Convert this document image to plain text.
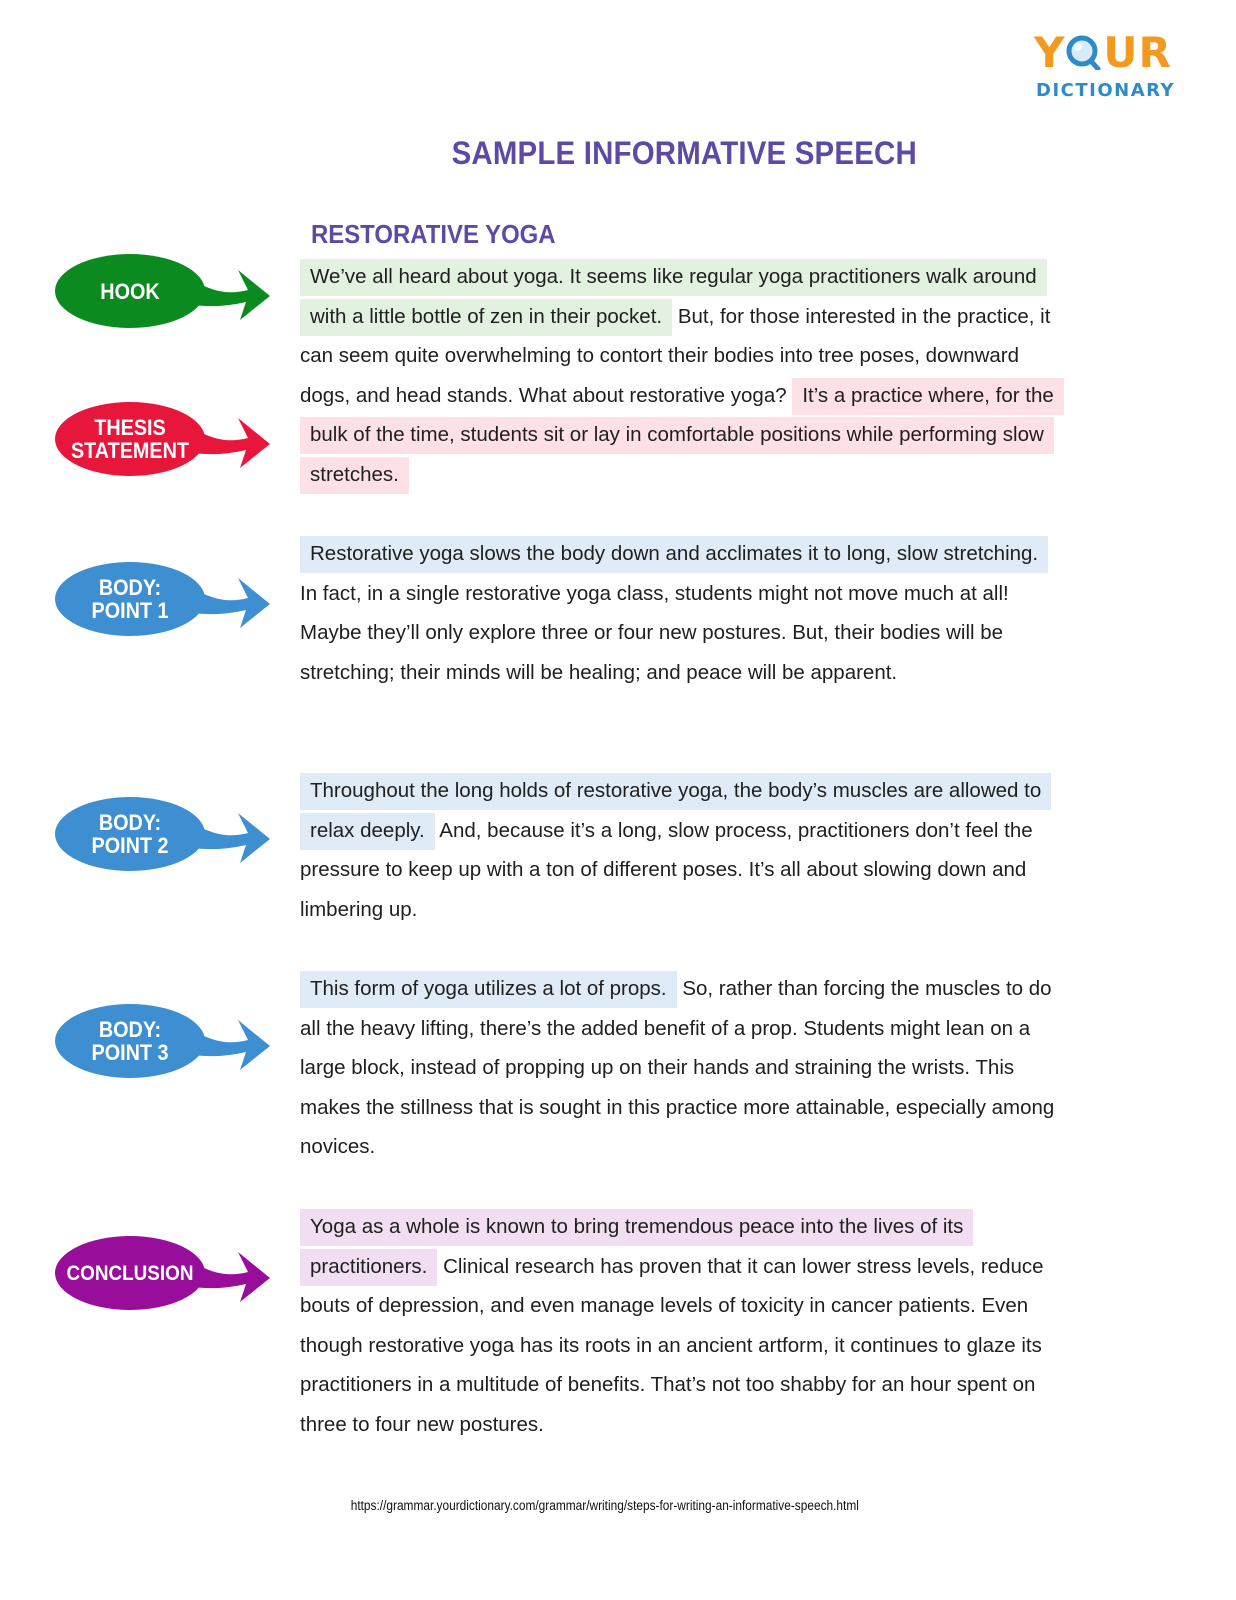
Y UR
DICTIONARY
SAMPLE INFORMATIVE SPEECH
RESTORATIVE YOGA
HOOK
THESIS
STATEMENT
BODY:
POINT 1
BODY:
POINT 2
BODY:
POINT 3
CONCLUSION
We’ve all heard about yoga. It seems like regular yoga practitioners walk around with a little bottle of zen in their pocket. But, for those interested in the practice, it can seem quite overwhelming to contort their bodies into tree poses, downward dogs, and head stands. What about restorative yoga? It’s a practice where, for the bulk of the time, students sit or lay in comfortable positions while performing slow stretches.
Restorative yoga slows the body down and acclimates it to long, slow stretching. In fact, in a single restorative yoga class, students might not move much at all! Maybe they’ll only explore three or four new postures. But, their bodies will be stretching; their minds will be healing; and peace will be apparent.
Throughout the long holds of restorative yoga, the body’s muscles are allowed to relax deeply. And, because it’s a long, slow process, practitioners don’t feel the pressure to keep up with a ton of different poses. It’s all about slowing down and limbering up.
This form of yoga utilizes a lot of props. So, rather than forcing the muscles to do all the heavy lifting, there’s the added benefit of a prop. Students might lean on a large block, instead of propping up on their hands and straining the wrists. This makes the stillness that is sought in this practice more attainable, especially among novices.
Yoga as a whole is known to bring tremendous peace into the lives of its practitioners. Clinical research has proven that it can lower stress levels, reduce bouts of depression, and even manage levels of toxicity in cancer patients. Even though restorative yoga has its roots in an ancient artform, it continues to glaze its practitioners in a multitude of benefits. That’s not too shabby for an hour spent on three to four new postures.
https://grammar.yourdictionary.com/grammar/writing/steps-for-writing-an-informative-speech.html
